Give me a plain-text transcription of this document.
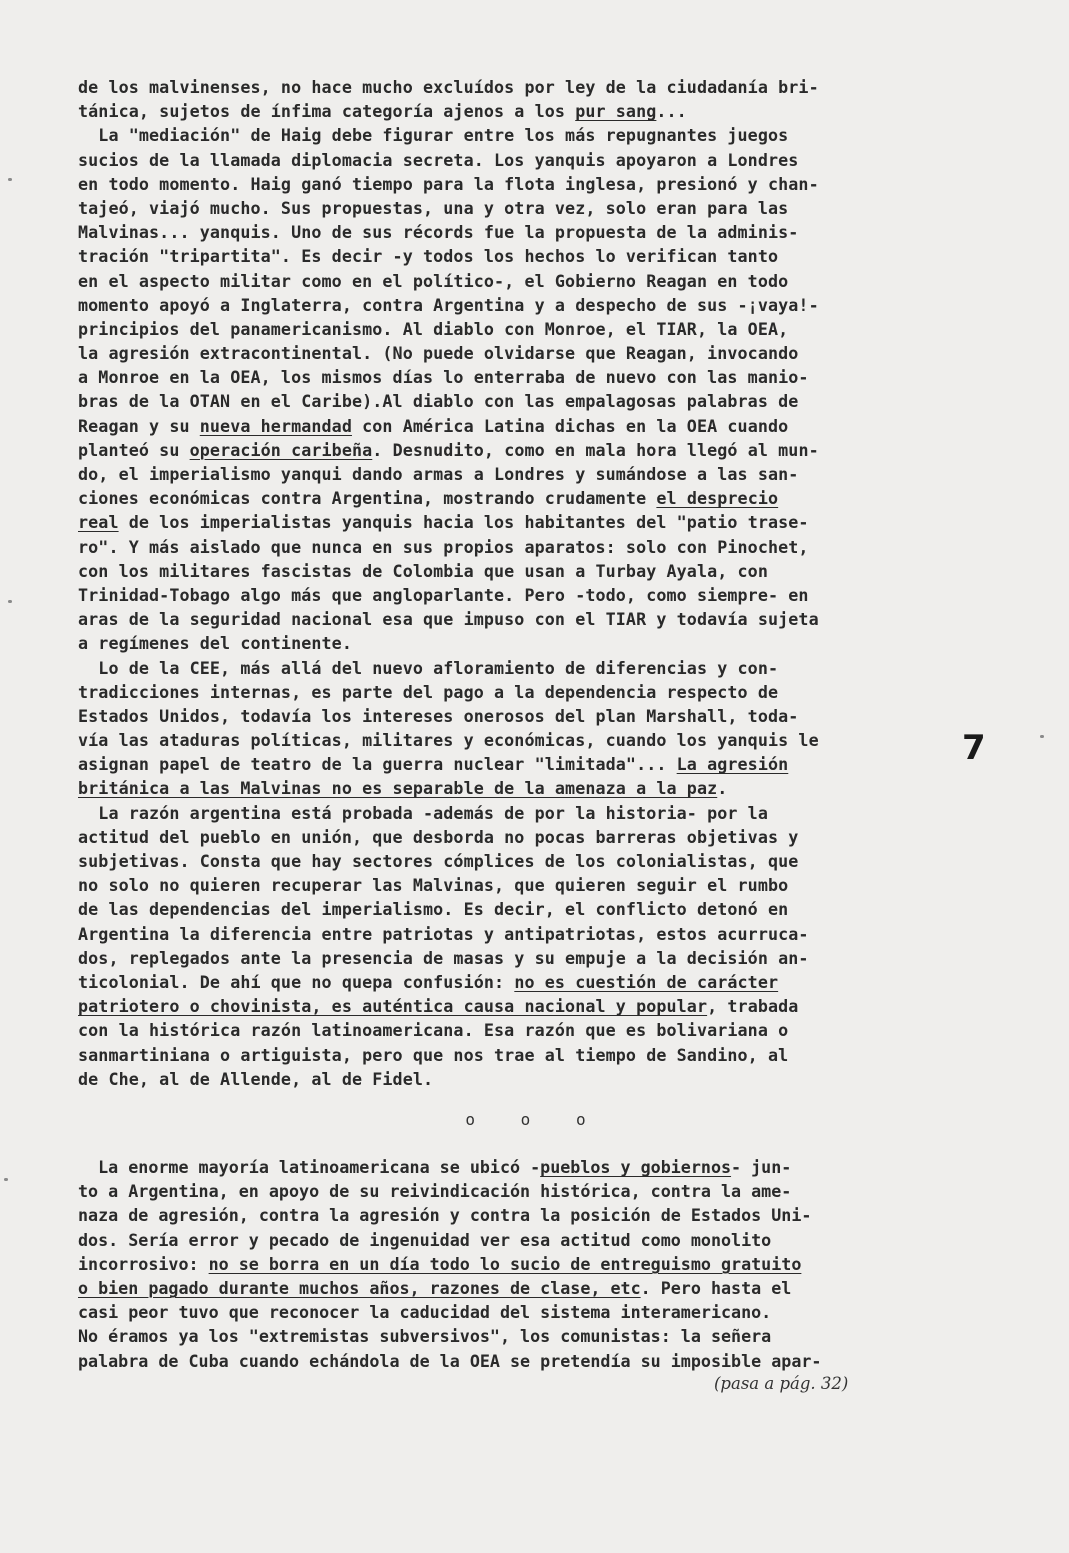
de los malvinenses, no hace mucho excluídos por ley de la ciudadanía bri-
tánica, sujetos de ínfima categoría ajenos a los pur sang...
La "mediación" de Haig debe figurar entre los más repugnantes juegos
sucios de la llamada diplomacia secreta. Los yanquis apoyaron a Londres
en todo momento. Haig ganó tiempo para la flota inglesa, presionó y chan-
tajeó, viajó mucho. Sus propuestas, una y otra vez, solo eran para las
Malvinas... yanquis. Uno de sus récords fue la propuesta de la adminis-
tración "tripartita". Es decir -y todos los hechos lo verifican tanto
en el aspecto militar como en el político-, el Gobierno Reagan en todo
momento apoyó a Inglaterra, contra Argentina y a despecho de sus -¡vaya!-
principios del panamericanismo. Al diablo con Monroe, el TIAR, la OEA,
la agresión extracontinental. (No puede olvidarse que Reagan, invocando
a Monroe en la OEA, los mismos días lo enterraba de nuevo con las manio-
bras de la OTAN en el Caribe).Al diablo con las empalagosas palabras de
Reagan y su nueva hermandad con América Latina dichas en la OEA cuando
planteó su operación caribeña. Desnudito, como en mala hora llegó al mun-
do, el imperialismo yanqui dando armas a Londres y sumándose a las san-
ciones económicas contra Argentina, mostrando crudamente el desprecio
real de los imperialistas yanquis hacia los habitantes del "patio trase-
ro". Y más aislado que nunca en sus propios aparatos: solo con Pinochet,
con los militares fascistas de Colombia que usan a Turbay Ayala, con
Trinidad-Tobago algo más que angloparlante. Pero -todo, como siempre- en
aras de la seguridad nacional esa que impuso con el TIAR y todavía sujeta
a regímenes del continente.
Lo de la CEE, más allá del nuevo afloramiento de diferencias y con-
tradicciones internas, es parte del pago a la dependencia respecto de
Estados Unidos, todavía los intereses onerosos del plan Marshall, toda-
vía las ataduras políticas, militares y económicas, cuando los yanquis le
asignan papel de teatro de la guerra nuclear "limitada"... La agresión
británica a las Malvinas no es separable de la amenaza a la paz.
La razón argentina está probada -además de por la historia- por la
actitud del pueblo en unión, que desborda no pocas barreras objetivas y
subjetivas. Consta que hay sectores cómplices de los colonialistas, que
no solo no quieren recuperar las Malvinas, que quieren seguir el rumbo
de las dependencias del imperialismo. Es decir, el conflicto detonó en
Argentina la diferencia entre patriotas y antipatriotas, estos acurruca-
dos, replegados ante la presencia de masas y su empuje a la decisión an-
ticolonial. De ahí que no quepa confusión: no es cuestión de carácter
patriotero o chovinista, es auténtica causa nacional y popular, trabada
con la histórica razón latinoamericana. Esa razón que es bolivariana o
sanmartiniana o artiguista, pero que nos trae al tiempo de Sandino, al
de Che, al de Allende, al de Fidel.
o o o
La enorme mayoría latinoamericana se ubicó -pueblos y gobiernos- jun-
to a Argentina, en apoyo de su reivindicación histórica, contra la ame-
naza de agresión, contra la agresión y contra la posición de Estados Uni-
dos. Sería error y pecado de ingenuidad ver esa actitud como monolito
incorrosivo: no se borra en un día todo lo sucio de entreguismo gratuito
o bien pagado durante muchos años, razones de clase, etc. Pero hasta el
casi peor tuvo que reconocer la caducidad del sistema interamericano.
No éramos ya los "extremistas subversivos", los comunistas: la señera
palabra de Cuba cuando echándola de la OEA se pretendía su imposible apar-
7
(pasa a pág. 32)
